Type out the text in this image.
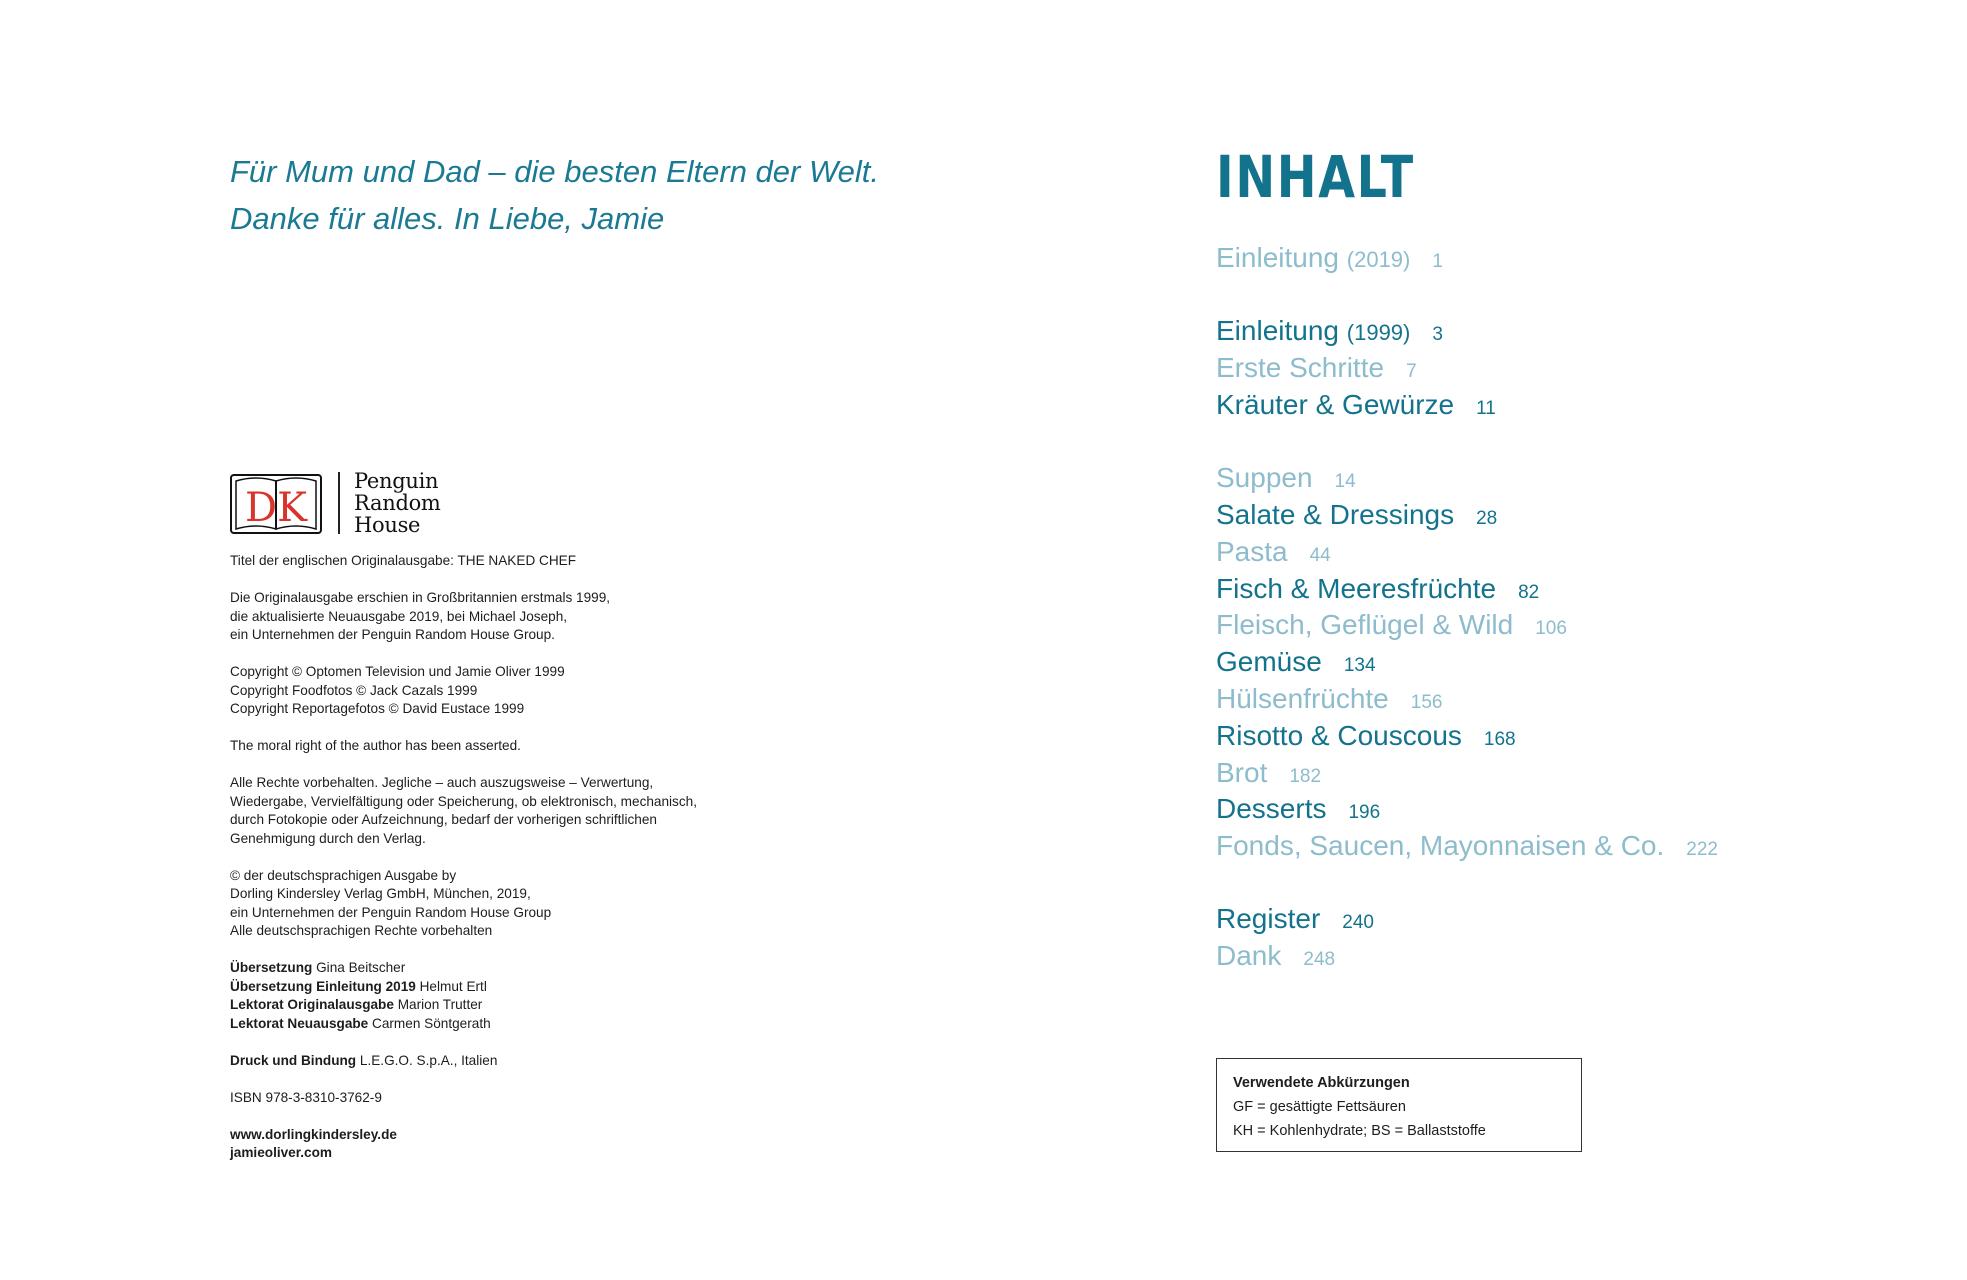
Für Mum und Dad – die besten Eltern der Welt.
Danke für alles. In Liebe, Jamie
DK
Penguin
Random
House
Titel der englischen Originalausgabe: THE NAKED CHEF
Die Originalausgabe erschien in Großbritannien erstmals 1999,
die aktualisierte Neuausgabe 2019, bei Michael Joseph,
ein Unternehmen der Penguin Random House Group.
Copyright © Optomen Television und Jamie Oliver 1999
Copyright Foodfotos © Jack Cazals 1999
Copyright Reportagefotos © David Eustace 1999
The moral right of the author has been asserted.
Alle Rechte vorbehalten. Jegliche – auch auszugsweise – Verwertung,
Wiedergabe, Vervielfältigung oder Speicherung, ob elektronisch, mechanisch,
durch Fotokopie oder Aufzeichnung, bedarf der vorherigen schriftlichen
Genehmigung durch den Verlag.
© der deutschsprachigen Ausgabe by
Dorling Kindersley Verlag GmbH, München, 2019,
ein Unternehmen der Penguin Random House Group
Alle deutschsprachigen Rechte vorbehalten
Übersetzung Gina Beitscher
Übersetzung Einleitung 2019 Helmut Ertl
Lektorat Originalausgabe Marion Trutter
Lektorat Neuausgabe Carmen Söntgerath
Druck und Bindung L.E.G.O. S.p.A., Italien
ISBN 978-3-8310-3762-9
www.dorlingkindersley.de
jamieoliver.com
INHALT
Einleitung (2019) 1
Einleitung (1999) 3
Erste Schritte 7
Kräuter & Gewürze 11
Suppen 14
Salate & Dressings 28
Pasta 44
Fisch & Meeresfrüchte 82
Fleisch, Geflügel & Wild 106
Gemüse 134
Hülsenfrüchte 156
Risotto & Couscous 168
Brot 182
Desserts 196
Fonds, Saucen, Mayonnaisen & Co. 222
Register 240
Dank 248
Verwendete Abkürzungen
GF = gesättigte Fettsäuren
KH = Kohlenhydrate; BS = Ballaststoffe
